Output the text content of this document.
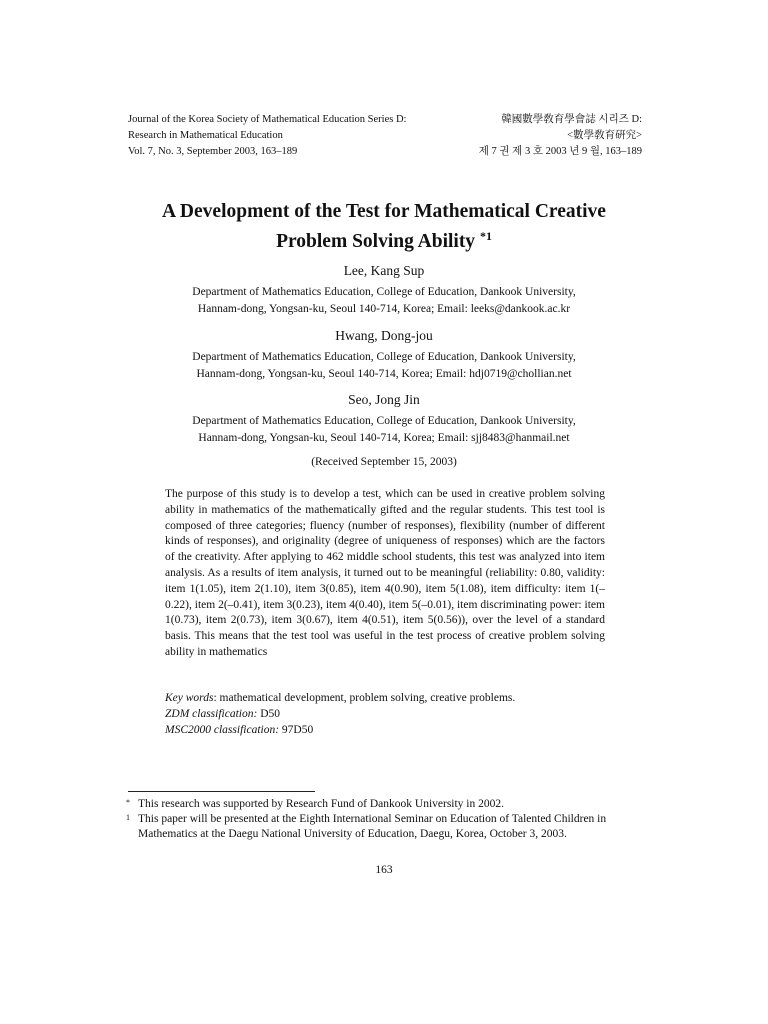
Journal of the Korea Society of Mathematical Education Series D:
Research in Mathematical Education
Vol. 7, No. 3, September 2003, 163–189
韓國數學敎育學會誌 시리즈 D:
<數學敎育硏究>
제 7 권 제 3 호 2003 년 9 월, 163–189
A Development of the Test for Mathematical Creative
Problem Solving Ability $^{*1}$
Lee, Kang Sup
Department of Mathematics Education, College of Education, Dankook University,
Hannam-dong, Yongsan-ku, Seoul 140-714, Korea; Email: leeks@dankook.ac.kr
Hwang, Dong-jou
Department of Mathematics Education, College of Education, Dankook University,
Hannam-dong, Yongsan-ku, Seoul 140-714, Korea; Email: hdj0719@chollian.net
Seo, Jong Jin
Department of Mathematics Education, College of Education, Dankook University,
Hannam-dong, Yongsan-ku, Seoul 140-714, Korea; Email: sjj8483@hanmail.net
(Received September 15, 2003)
The purpose of this study is to develop a test, which can be used in creative problem solving ability in mathematics of the mathematically gifted and the regular students. This test tool is composed of three categories; fluency (number of responses), flexibility (number of different kinds of responses), and originality (degree of uniqueness of responses) which are the factors of the creativity. After applying to 462 middle school students, this test was analyzed into item analysis. As a results of item analysis, it turned out to be meaningful (reliability: 0.80, validity: item 1(1.05), item 2(1.10), item 3(0.85), item 4(0.90), item 5(1.08), item difficulty: item 1(–0.22), item 2(–0.41), item 3(0.23), item 4(0.40), item 5(–0.01), item discriminating power: item 1(0.73), item 2(0.73), item 3(0.67), item 4(0.51), item 5(0.56)), over the level of a standard basis. This means that the test tool was useful in the test process of creative problem solving ability in mathematics
Key words: mathematical development, problem solving, creative problems.
ZDM classification: D50
MSC2000 classification: 97D50
* This research was supported by Research Fund of Dankook University in 2002.
1 This paper will be presented at the Eighth International Seminar on Education of Talented Children in Mathematics at the Daegu National University of Education, Daegu, Korea, October 3, 2003.
163
